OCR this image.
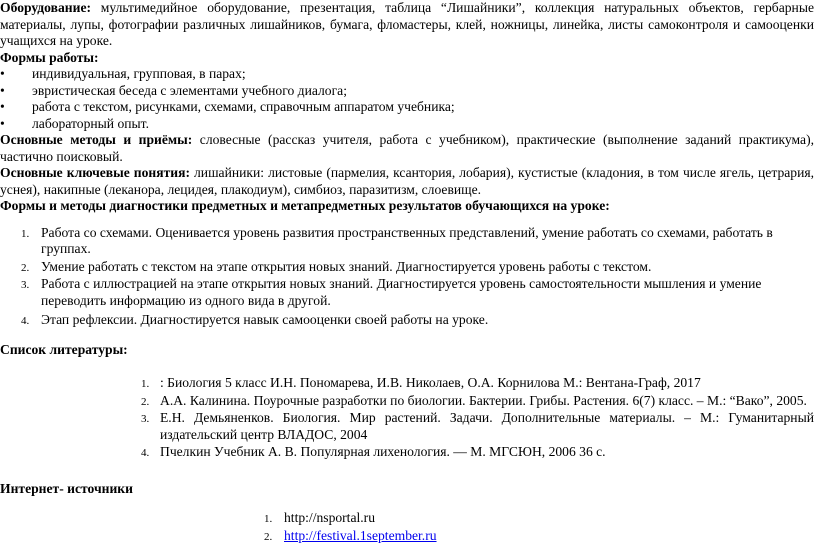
Оборудование: мультимедийное оборудование, презентация, таблица “Лишайники”, коллекция натуральных объектов, гербарные материалы, лупы, фотографии различных лишайников, бумага, фломастеры, клей, ножницы, линейка, листы самоконтроля и самооценки учащихся на уроке.

Формы работы:

• индивидуальная, групповая, в парах;
• эвристическая беседа с элементами учебного диалога;
• работа с текстом, рисунками, схемами, справочным аппаратом учебника;
• лабораторный опыт.

Основные методы и приёмы: словесные (рассказ учителя, работа с учебником), практические (выполнение заданий практикума), частично поисковый.

Основные ключевые понятия: лишайники: листовые (пармелия, ксантория, лобария), кустистые (кладония, в том числе ягель, цетрария, уснея), накипные (леканора, лецидея, плакодиум), симбиоз, паразитизм, слоевище.

Формы и методы диагностики предметных и метапредметных результатов обучающихся на уроке:

1. Работа со схемами. Оценивается уровень развития пространственных представлений, умение работать со схемами, работать в группах.
2. Умение работать с текстом на этапе открытия новых знаний. Диагностируется уровень работы с текстом.
3. Работа с иллюстрацией на этапе открытия новых знаний. Диагностируется уровень самостоятельности мышления и умение переводить информацию из одного вида в другой.
4. Этап рефлексии. Диагностируется навык самооценки своей работы на уроке.

Список литературы:

1. : Биология 5 класс И.Н. Пономарева, И.В. Николаев, О.А. Корнилова М.: Вентана-Граф, 2017
2. А.А. Калинина. Поурочные разработки по биологии. Бактерии. Грибы. Растения. 6(7) класс. – М.: “Вако”, 2005.
3. Е.Н. Демьяненков. Биология. Мир растений. Задачи. Дополнительные материалы. – М.: Гуманитарный издательский центр ВЛАДОС, 2004
4. Пчелкин Учебник А. В. Популярная лихенология. — М. МГСЮН, 2006 36 с.

Интернет- источники

1. http://nsportal.ru
2. http://festival.1september.ru
